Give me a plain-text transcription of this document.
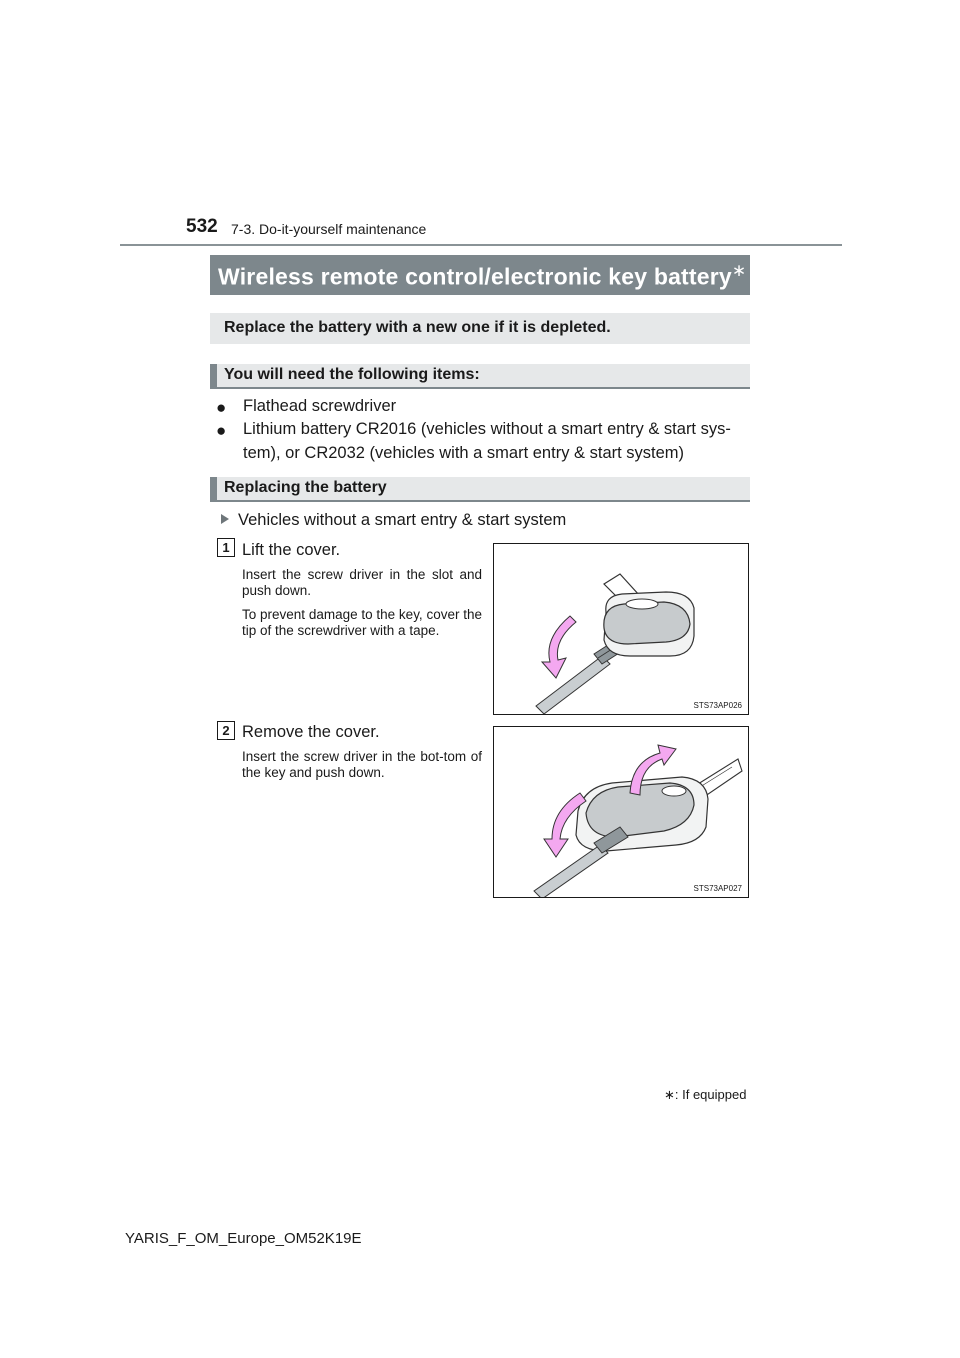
532 7-3. Do-it-yourself maintenance
Wireless remote control/electronic key battery∗
Replace the battery with a new one if it is depleted.
You will need the following items:
● Flathead screwdriver
● Lithium battery CR2016 (vehicles without a smart entry & start sys-
tem), or CR2032 (vehicles with a smart entry & start system)
Replacing the battery
Vehicles without a smart entry & start system
1 Lift the cover.

Insert the screw driver in the slot and push down.

To prevent damage to the key, cover the tip of the screwdriver with a tape.

STS73AP026
2 Remove the cover.

Insert the screw driver in the bot-tom of the key and push down.

STS73AP027
∗: If equipped
YARIS_F_OM_Europe_OM52K19E
